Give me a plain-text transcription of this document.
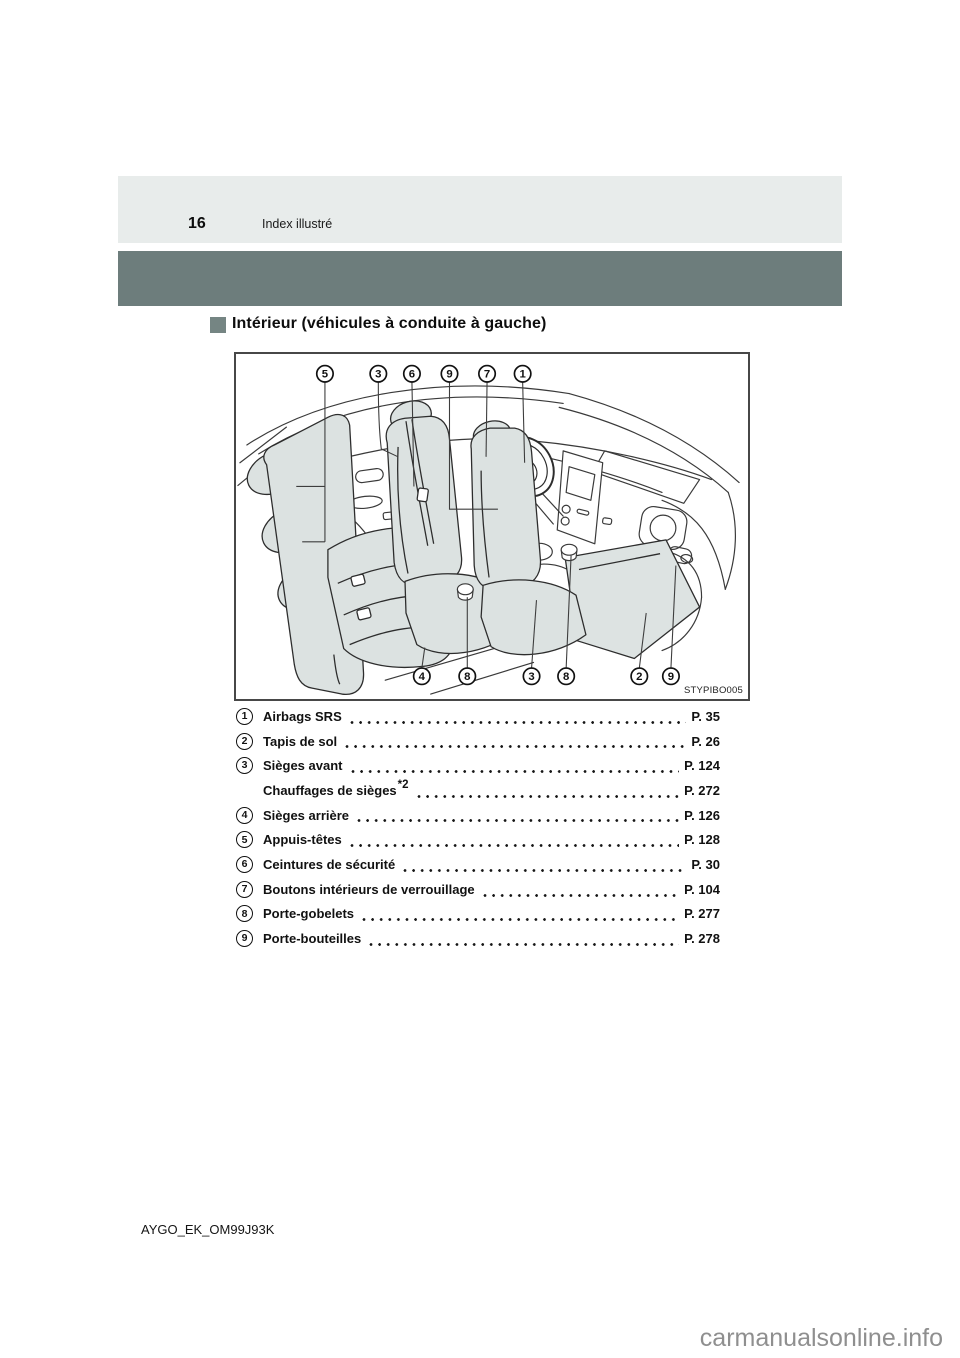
16	Index illustré
Intérieur (véhicules à conduite à gauche)
5	3 6	9	7	1
4	8	3 8	2 9
STYPIBO005
1	Airbags SRS	P. 35
2	Tapis de sol	P. 26
3	Sièges avant	P. 124
Chauffages de sièges *2	P. 272
4	Sièges arrière	P. 126
5	Appuis-têtes	P. 128
6	Ceintures de sécurité	P. 30
7	Boutons intérieurs de verrouillage	P. 104
8	Porte-gobelets	P. 277
9	Porte-bouteilles	P. 278
AYGO_EK_OM99J93K
carmanualsonline.info
